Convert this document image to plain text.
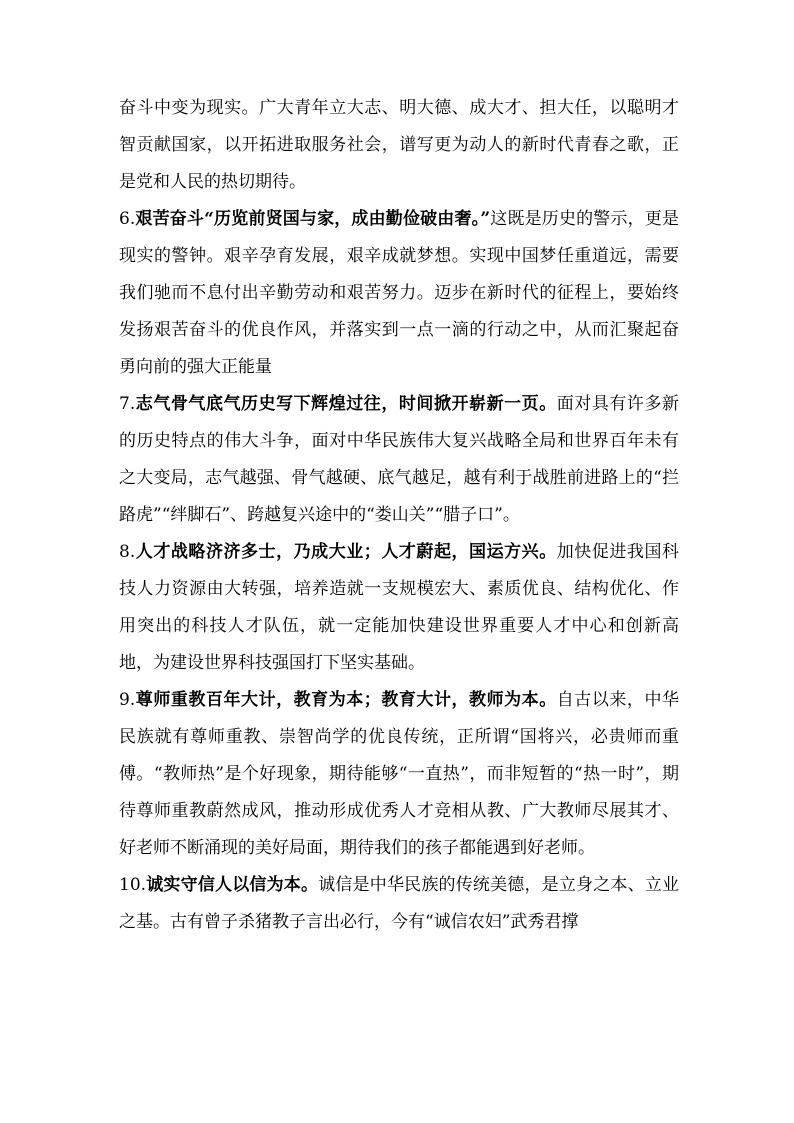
奋斗中变为现实。广大青年立大志、明大德、成大才、担大任，以聪明才智贡献国家，以开拓进取服务社会，谱写更为动人的新时代青春之歌，正是党和人民的热切期待。

6.艰苦奋斗“历览前贤国与家，成由勤俭破由奢。”这既是历史的警示，更是现实的警钟。艰辛孕育发展，艰辛成就梦想。实现中国梦任重道远，需要我们驰而不息付出辛勤劳动和艰苦努力。迈步在新时代的征程上，要始终发扬艰苦奋斗的优良作风，并落实到一点一滴的行动之中，从而汇聚起奋勇向前的强大正能量

7.志气骨气底气历史写下辉煌过往，时间掀开崭新一页。面对具有许多新的历史特点的伟大斗争，面对中华民族伟大复兴战略全局和世界百年未有之大变局，志气越强、骨气越硬、底气越足，越有利于战胜前进路上的“拦路虎”“绊脚石”、跨越复兴途中的“娄山关”“腊子口”。

8.人才战略济济多士，乃成大业；人才蔚起，国运方兴。加快促进我国科技人力资源由大转强，培养造就一支规模宏大、素质优良、结构优化、作用突出的科技人才队伍，就一定能加快建设世界重要人才中心和创新高地，为建设世界科技强国打下坚实基础。

9.尊师重教百年大计，教育为本；教育大计，教师为本。自古以来，中华民族就有尊师重教、崇智尚学的优良传统，正所谓“国将兴，必贵师而重傅。“教师热”是个好现象，期待能够“一直热”，而非短暂的“热一时”，期待尊师重教蔚然成风，推动形成优秀人才竞相从教、广大教师尽展其才、好老师不断涌现的美好局面，期待我们的孩子都能遇到好老师。

10.诚实守信人以信为本。诚信是中华民族的传统美德，是立身之本、立业之基。古有曾子杀猪教子言出必行，今有“诚信农妇”武秀君撑
